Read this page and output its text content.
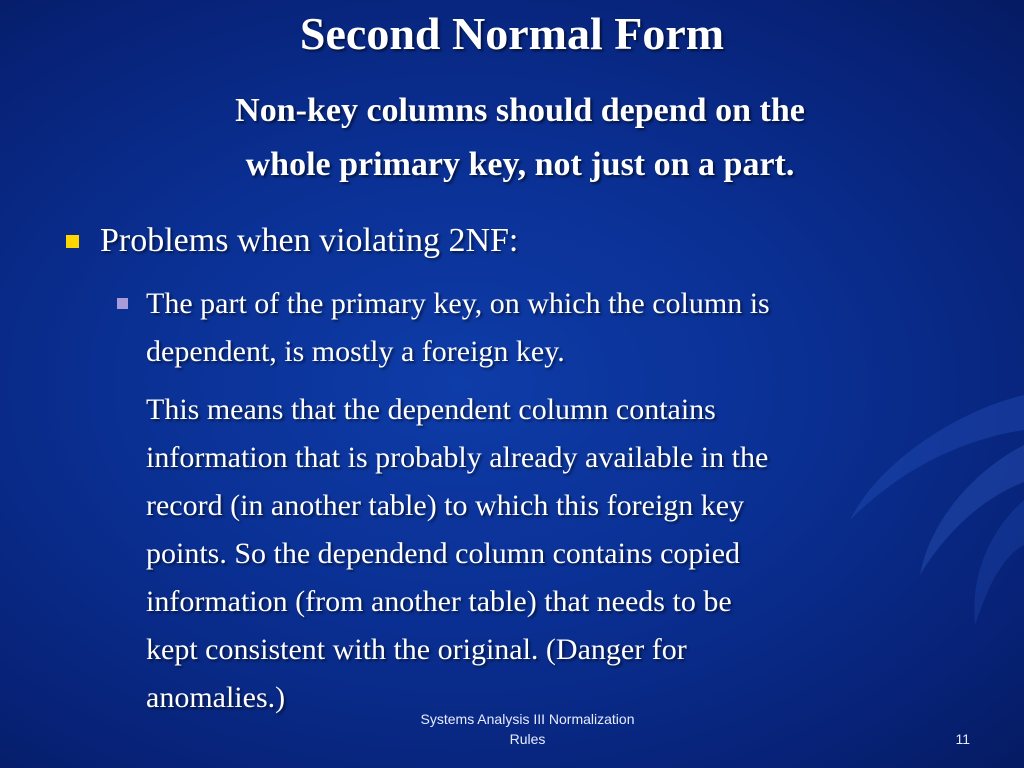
Second Normal Form
Non-key columns should depend on the
whole primary key, not just on a part.
Problems when violating 2NF:

The part of the primary key, on which the column is
dependent, is mostly a foreign key.

This means that the dependent column contains
information that is probably already available in the
record (in another table) to which this foreign key
points. So the dependend column contains copied
information (from another table) that needs to be
kept consistent with the original. (Danger for
anomalies.)

Systems Analysis III Normalization
Rules	11
